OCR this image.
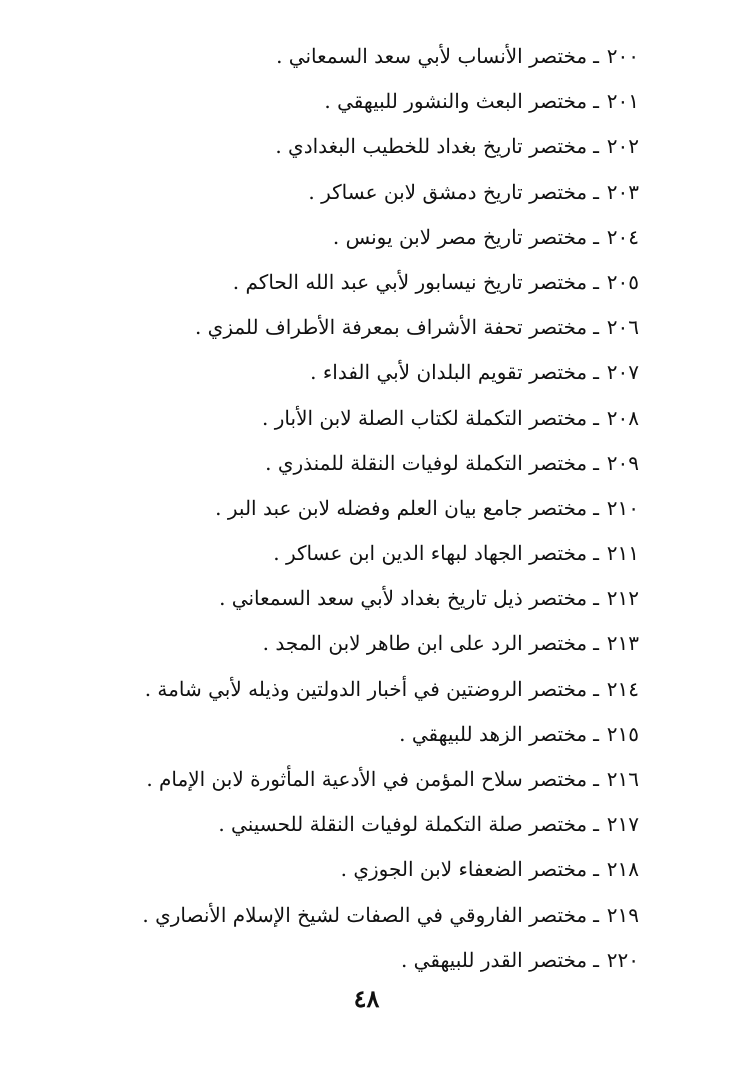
٢٠٠ـمختصر الأنساب لأبي سعد السمعاني .
٢٠١ـمختصر البعث والنشور للبيهقي .
٢٠٢ـمختصر تاريخ بغداد للخطيب البغدادي .
٢٠٣ـمختصر تاريخ دمشق لابن عساكر .
٢٠٤ـمختصر تاريخ مصر لابن يونس .
٢٠٥ـمختصر تاريخ نيسابور لأبي عبد الله الحاكم .
٢٠٦ـمختصر تحفة الأشراف بمعرفة الأطراف للمزي .
٢٠٧ـمختصر تقويم البلدان لأبي الفداء .
٢٠٨ـمختصر التكملة لكتاب الصلة لابن الأبار .
٢٠٩ـمختصر التكملة لوفيات النقلة للمنذري .
٢١٠ـمختصر جامع بيان العلم وفضله لابن عبد البر .
٢١١ـمختصر الجهاد لبهاء الدين ابن عساكر .
٢١٢ـمختصر ذيل تاريخ بغداد لأبي سعد السمعاني .
٢١٣ـمختصر الرد على ابن طاهر لابن المجد .
٢١٤ـمختصر الروضتين في أخبار الدولتين وذيله لأبي شامة .
٢١٥ـمختصر الزهد للبيهقي .
٢١٦ـمختصر سلاح المؤمن في الأدعية المأثورة لابن الإمام .
٢١٧ـمختصر صلة التكملة لوفيات النقلة للحسيني .
٢١٨ـمختصر الضعفاء لابن الجوزي .
٢١٩ـمختصر الفاروقي في الصفات لشيخ الإسلام الأنصاري .
٢٢٠ـمختصر القدر للبيهقي .
٤٨
